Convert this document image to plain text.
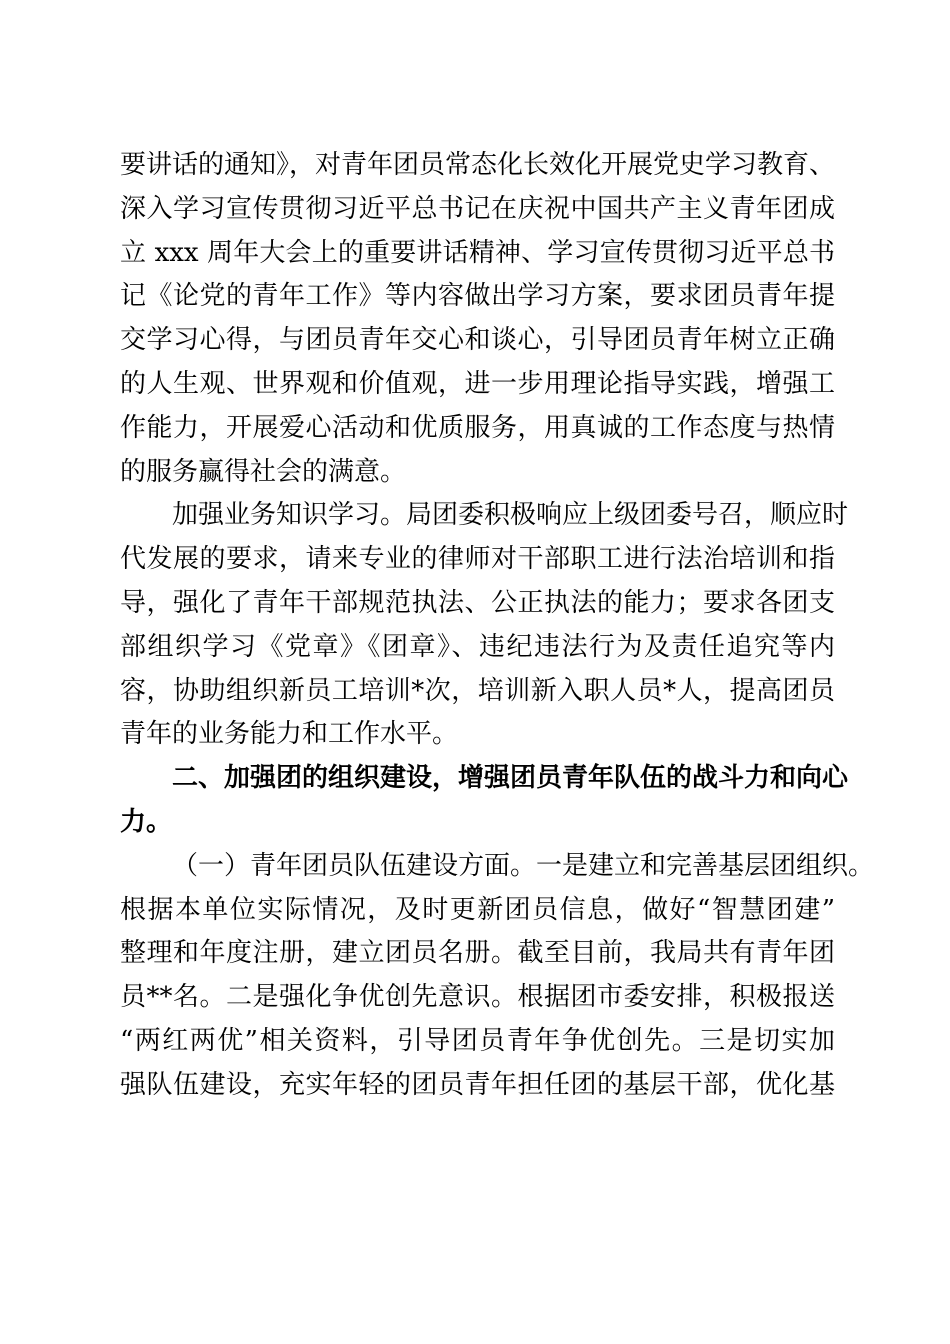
要讲话的通知》，对青年团员常态化长效化开展党史学习教育、
深入学习宣传贯彻习近平总书记在庆祝中国共产主义青年团成
立 xxx 周年大会上的重要讲话精神、学习宣传贯彻习近平总书
记《论党的青年工作》等内容做出学习方案，要求团员青年提
交学习心得，与团员青年交心和谈心，引导团员青年树立正确
的人生观、世界观和价值观，进一步用理论指导实践，增强工
作能力，开展爱心活动和优质服务，用真诚的工作态度与热情
的服务赢得社会的满意。
加强业务知识学习。局团委积极响应上级团委号召，顺应时
代发展的要求，请来专业的律师对干部职工进行法治培训和指
导，强化了青年干部规范执法、公正执法的能力；要求各团支
部组织学习《党章》《团章》、违纪违法行为及责任追究等内
容，协助组织新员工培训*次，培训新入职人员*人，提高团员
青年的业务能力和工作水平。
二、加强团的组织建设，增强团员青年队伍的战斗力和向心
力。
（一）青年团员队伍建设方面。一是建立和完善基层团组织。
根据本单位实际情况，及时更新团员信息，做好“智慧团建”
整理和年度注册，建立团员名册。截至目前，我局共有青年团
员**名。二是强化争优创先意识。根据团市委安排，积极报送
“两红两优”相关资料，引导团员青年争优创先。三是切实加
强队伍建设，充实年轻的团员青年担任团的基层干部，优化基
